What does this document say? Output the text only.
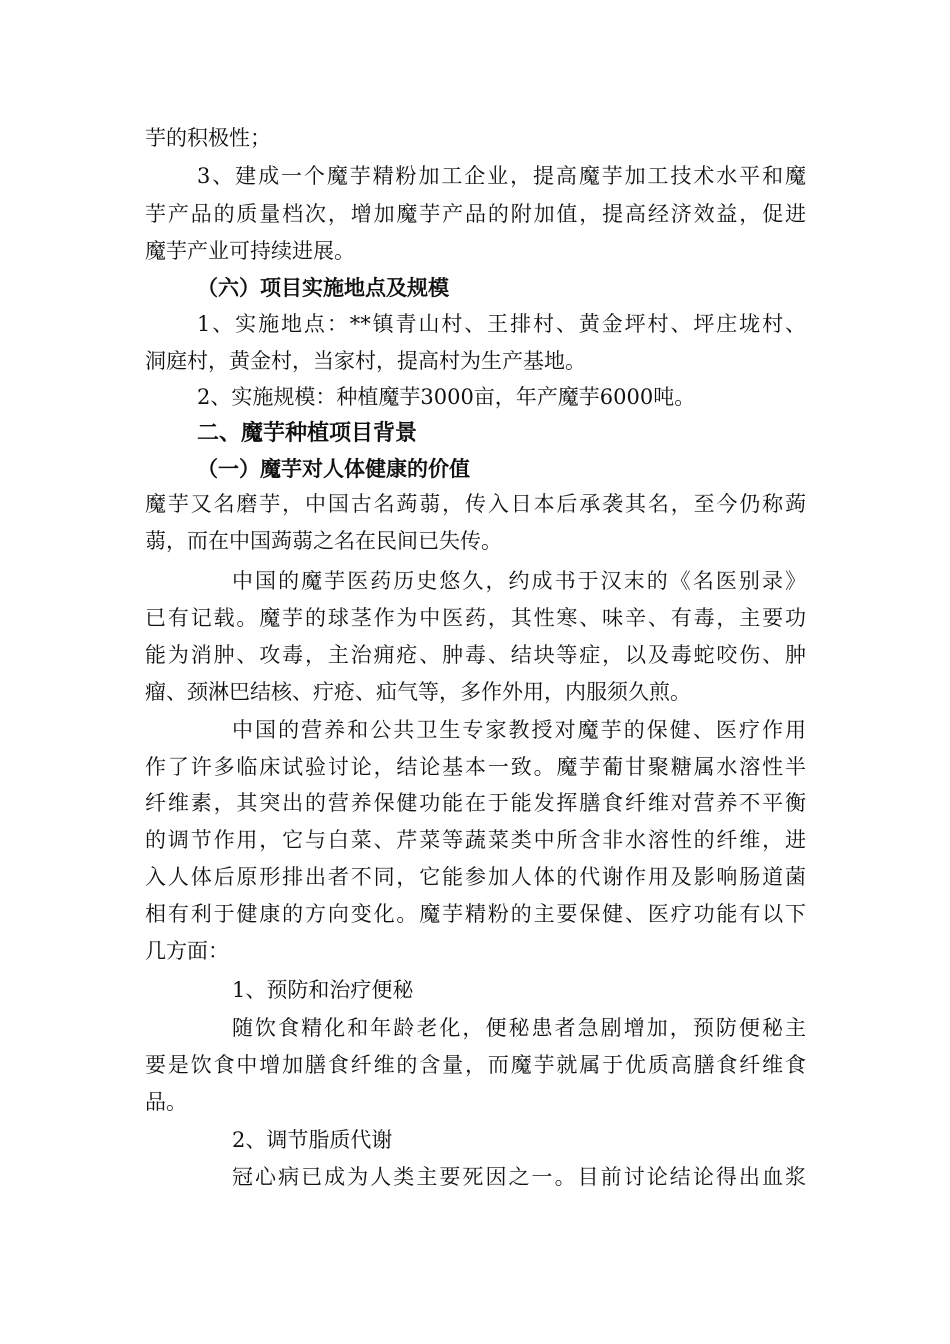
芋的积极性；
3、建成一个魔芋精粉加工企业，提高魔芋加工技术水平和魔
芋产品的质量档次，增加魔芋产品的附加值，提高经济效益，促进
魔芋产业可持续进展。
（六）项目实施地点及规模
1、实施地点：**镇青山村、王排村、黄金坪村、坪庄垅村、
洞庭村，黄金村，当家村，提高村为生产基地。
2、实施规模：种植魔芋3000亩，年产魔芋6000吨。
二、魔芋种植项目背景
（一）魔芋对人体健康的价值
魔芋又名磨芋，中国古名蒟蒻，传入日本后承袭其名，至今仍称蒟
蒻，而在中国蒟蒻之名在民间已失传。
中国的魔芋医药历史悠久，约成书于汉末的《名医别录》
已有记载。魔芋的球茎作为中医药，其性寒、味辛、有毒，主要功
能为消肿、攻毒，主治痈疮、肿毒、结块等症，以及毒蛇咬伤、肿
瘤、颈淋巴结核、疔疮、疝气等，多作外用，内服须久煎。
中国的营养和公共卫生专家教授对魔芋的保健、医疗作用
作了许多临床试验讨论，结论基本一致。魔芋葡甘聚糖属水溶性半
纤维素，其突出的营养保健功能在于能发挥膳食纤维对营养不平衡
的调节作用，它与白菜、芹菜等蔬菜类中所含非水溶性的纤维，进
入人体后原形排出者不同，它能参加人体的代谢作用及影响肠道菌
相有利于健康的方向变化。魔芋精粉的主要保健、医疗功能有以下
几方面：
1、预防和治疗便秘
随饮食精化和年龄老化，便秘患者急剧增加，预防便秘主
要是饮食中增加膳食纤维的含量，而魔芋就属于优质高膳食纤维食
品。
2、调节脂质代谢
冠心病已成为人类主要死因之一。目前讨论结论得出血浆
